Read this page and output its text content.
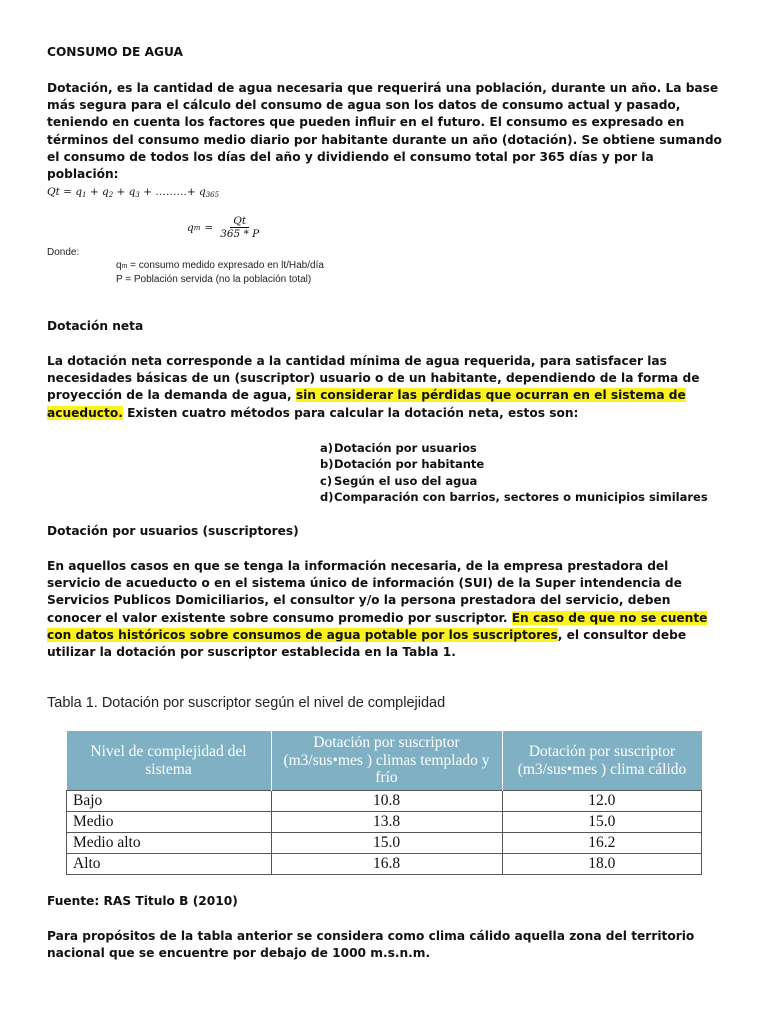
CONSUMO DE AGUA

Dotación, es la cantidad de agua necesaria que requerirá una población, durante un año. La base más segura para el cálculo del consumo de agua son los datos de consumo actual y pasado, teniendo en cuenta los factores que pueden influir en el futuro. El consumo es expresado en términos del consumo medio diario por habitante durante un año (dotación). Se obtiene sumando el consumo de todos los días del año y dividiendo el consumo total por 365 días y por la población:

$Qt = q_1 + q_2 + q_3$ + ………+ $q_{365}$
q $m = \frac{Qt}{365 * P}$
Donde:
qm = consumo medido expresado en lt/Hab/día
P = Población servida (no la población total)
Dotación neta

La dotación neta corresponde a la cantidad mínima de agua requerida, para satisfacer las necesidades básicas de un (suscriptor) usuario o de un habitante, dependiendo de la forma de proyección de la demanda de agua, sin considerar las pérdidas que ocurran en el sistema de acueducto. Existen cuatro métodos para calcular la dotación neta, estos son:

a) Dotación por usuarios
b) Dotación por habitante
c) Según el uso del agua
d) Comparación con barrios, sectores o municipios similares
Dotación por usuarios (suscriptores)

En aquellos casos en que se tenga la información necesaria, de la empresa prestadora del servicio de acueducto o en el sistema único de información (SUI) de la Super intendencia de Servicios Publicos Domiciliarios, el consultor y/o la persona prestadora del servicio, deben conocer el valor existente sobre consumo promedio por suscriptor. En caso de que no se cuente con datos históricos sobre consumos de agua potable por los suscriptores, el consultor debe utilizar la dotación por suscriptor establecida en la Tabla 1.

Tabla 1. Dotación por suscriptor según el nivel de complejidad
Nivel de complejidad del sistema	Dotación por suscriptor (m3/sus•mes ) climas templado y frío	Dotación por suscriptor (m3/sus•mes ) clima cálido
Bajo	10.8	12.0
Medio	13.8	15.0
Medio alto	15.0	16.2
Alto	16.8	18.0
Fuente: RAS Titulo B (2010)

Para propósitos de la tabla anterior se considera como clima cálido aquella zona del territorio nacional que se encuentre por debajo de 1000 m.s.n.m.
